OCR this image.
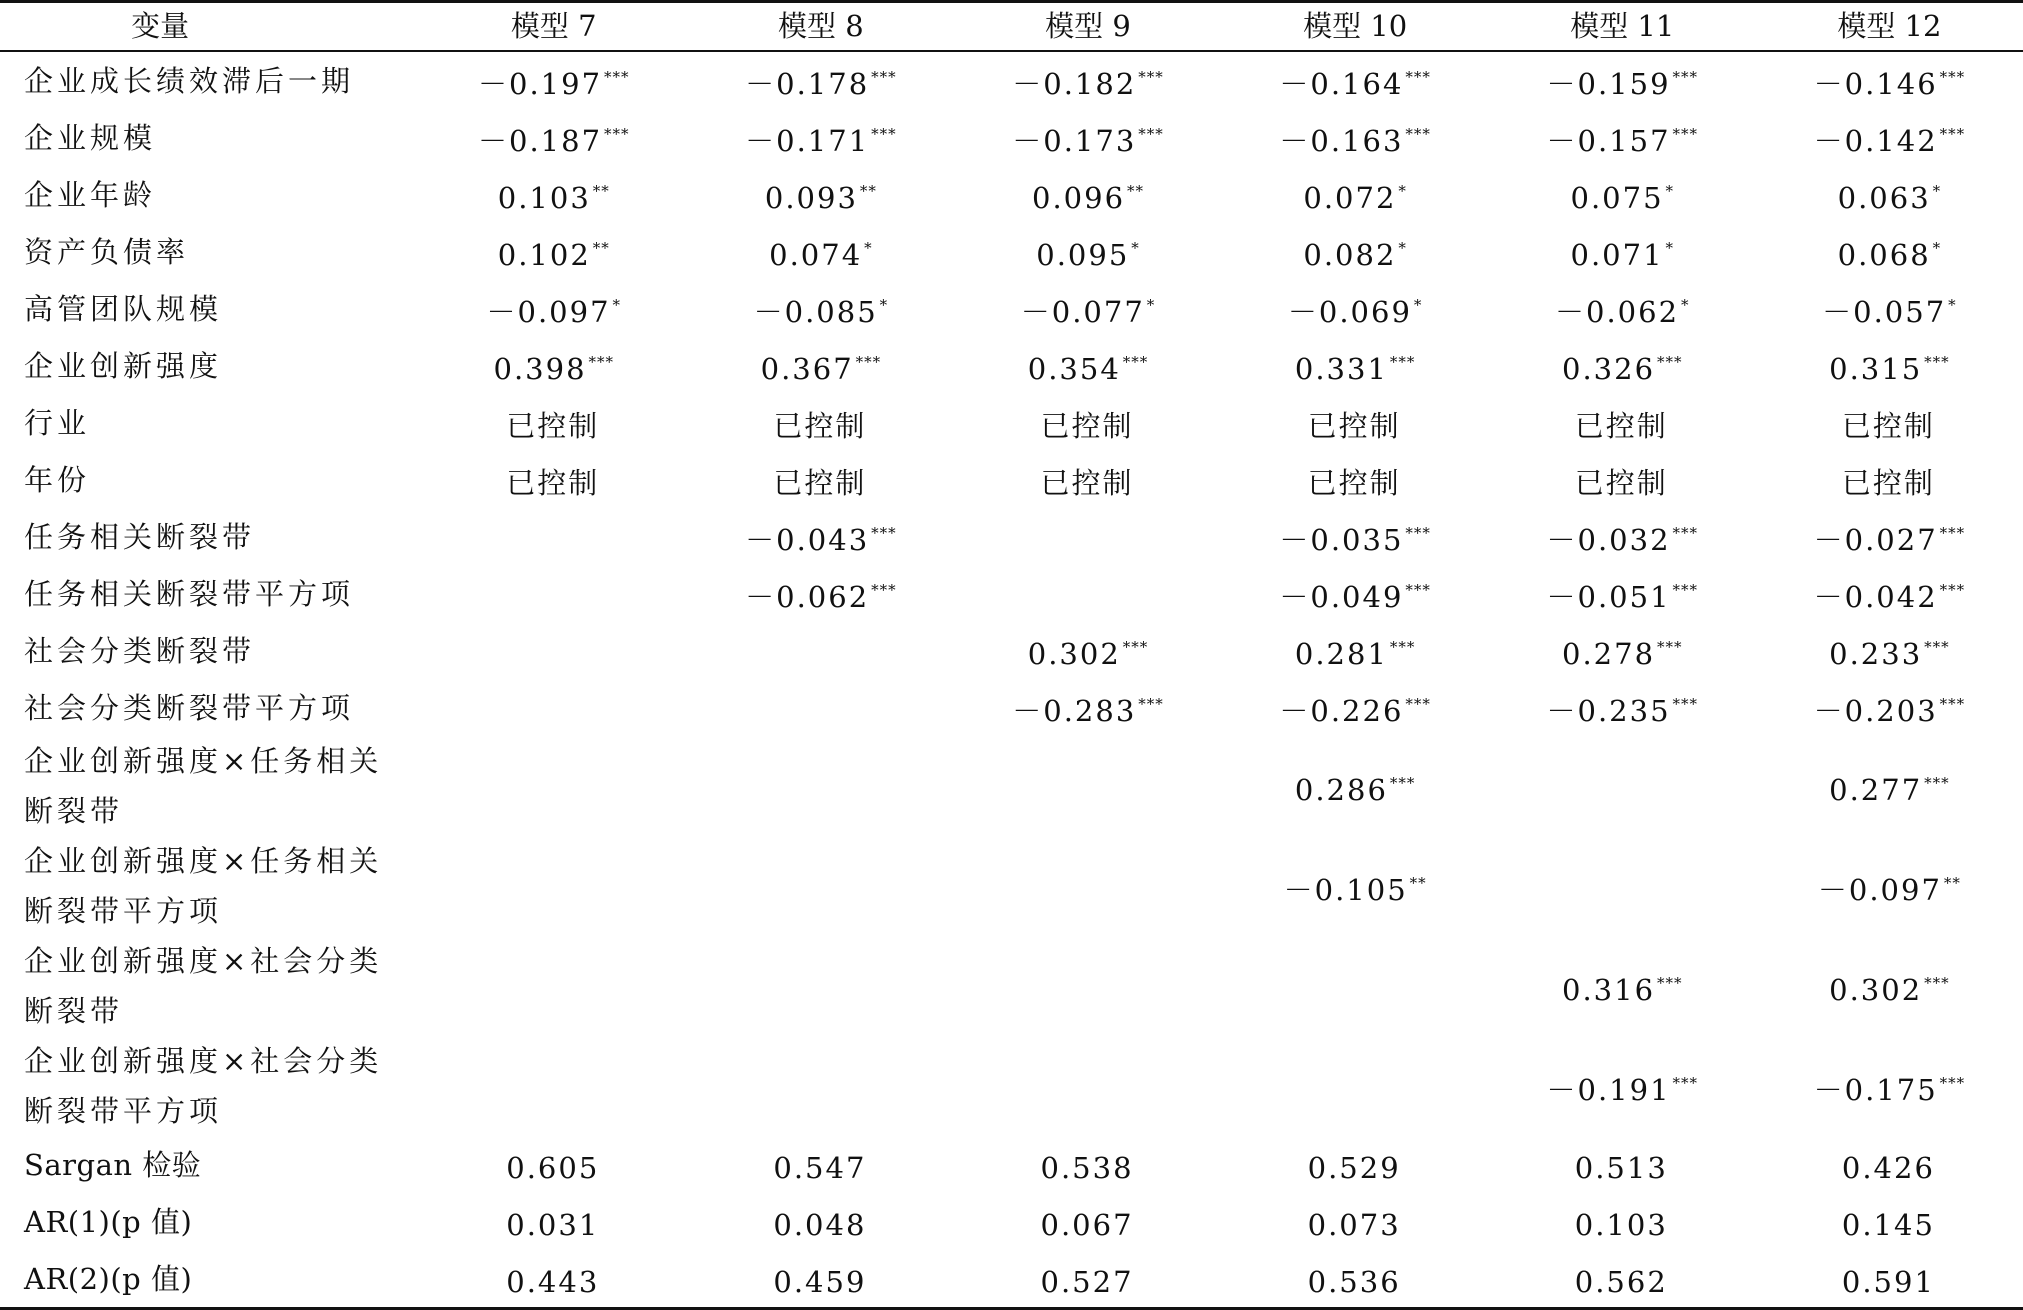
变量	模型 7	模型 8	模型 9	模型 10	模型 11	模型 12
企业成长绩效滞后一期	－0.197 ***	－0.178 ***	－0.182 ***	－0.164 ***	－0.159 ***	－0.146 ***
企业规模	－0.187 ***	－0.171 ***	－0.173 ***	－0.163 ***	－0.157 ***	－0.142 ***
企业年龄	0.103 **	0.093 **	0.096 **	0.072 *	0.075 *	0.063 *
资产负债率	0.102 **	0.074 *	0.095 *	0.082 *	0.071 *	0.068 *
高管团队规模	－0.097 *	－0.085 *	－0.077 *	－0.069 *	－0.062 *	－0.057 *
企业创新强度	0.398 ***	0.367 ***	0.354 ***	0.331 ***	0.326 ***	0.315 ***
行业	已控制	已控制	已控制	已控制	已控制	已控制
年份	已控制	已控制	已控制	已控制	已控制	已控制
任务相关断裂带		－0.043 ***		－0.035 ***	－0.032 ***	－0.027 ***
任务相关断裂带平方项		－0.062 ***		－0.049 ***	－0.051 ***	－0.042 ***
社会分类断裂带			0.302 ***	0.281 ***	0.278 ***	0.233 ***
社会分类断裂带平方项			－0.283 ***	－0.226 ***	－0.235 ***	－0.203 ***
企业创新强度×任务相关断裂带				0.286 ***		0.277 ***
企业创新强度×任务相关断裂带平方项				－0.105 **		－0.097 **
企业创新强度×社会分类断裂带					0.316 ***	0.302 ***
企业创新强度×社会分类断裂带平方项					－0.191 ***	－0.175 ***
Sargan 检验	0.605	0.547	0.538	0.529	0.513	0.426
AR(1)(p 值)	0.031	0.048	0.067	0.073	0.103	0.145
AR(2)(p 值)	0.443	0.459	0.527	0.536	0.562	0.591
